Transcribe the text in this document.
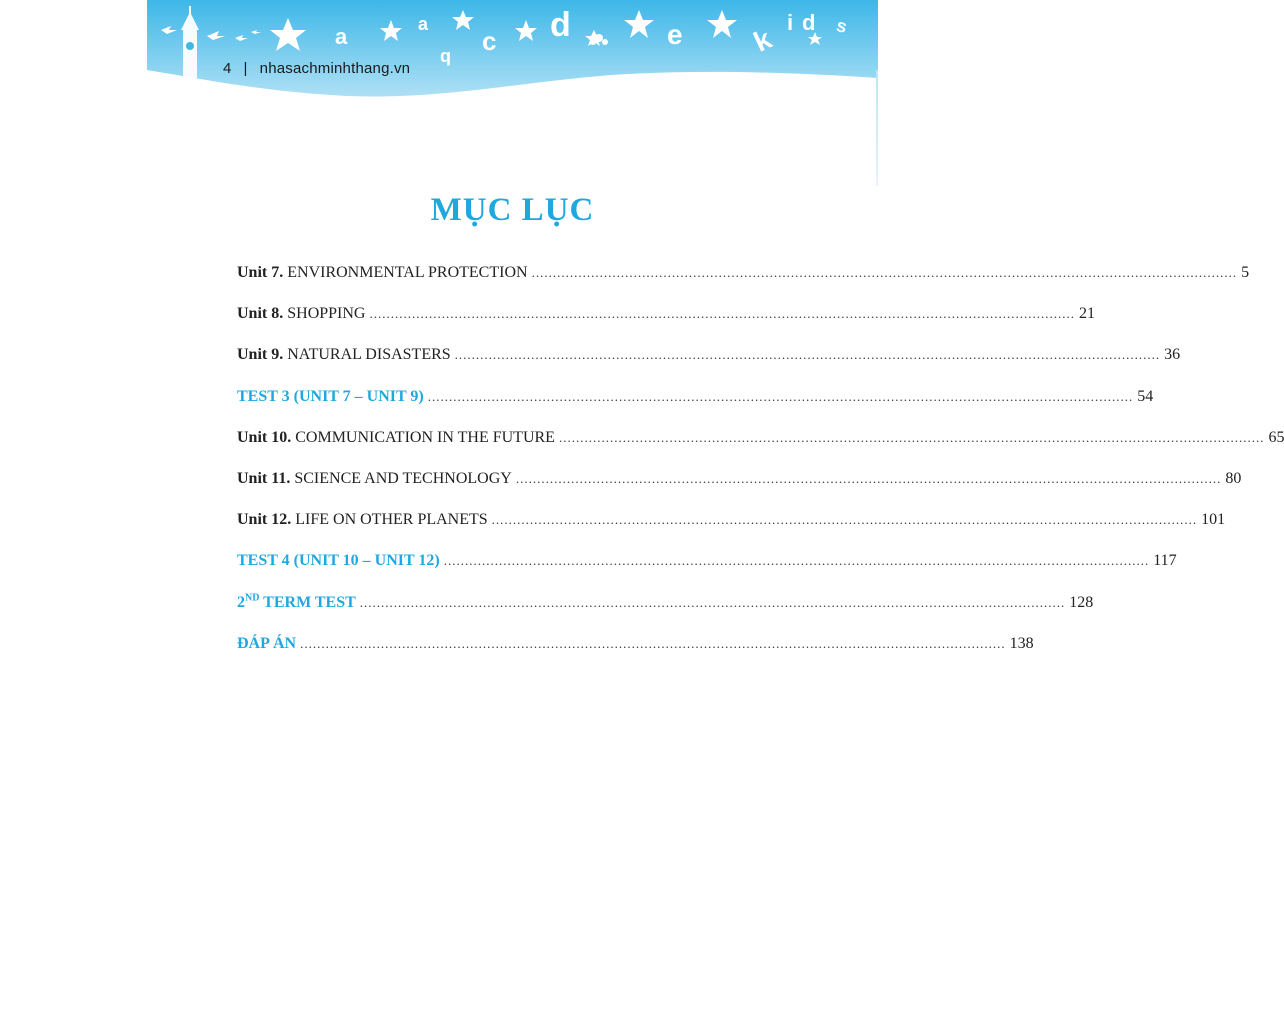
a	a
b
c d	e k
i d s
4 | nhasachminhthang.vn
MỤC LỤC
Unit 7. ENVIRONMENTAL PROTECTION ...................................................................................................................................................................... 5
Unit 8. SHOPPING ...................................................................................................................................................................... 21
Unit 9. NATURAL DISASTERS ...................................................................................................................................................................... 36
TEST 3 (UNIT 7 – UNIT 9) ...................................................................................................................................................................... 54
Unit 10. COMMUNICATION IN THE FUTURE ...................................................................................................................................................................... 65
Unit 11. SCIENCE AND TECHNOLOGY ...................................................................................................................................................................... 80
Unit 12. LIFE ON OTHER PLANETS ...................................................................................................................................................................... 101
TEST 4 (UNIT 10 – UNIT 12) ...................................................................................................................................................................... 117
2ND TERM TEST ...................................................................................................................................................................... 128
ĐÁP ÁN ...................................................................................................................................................................... 138
